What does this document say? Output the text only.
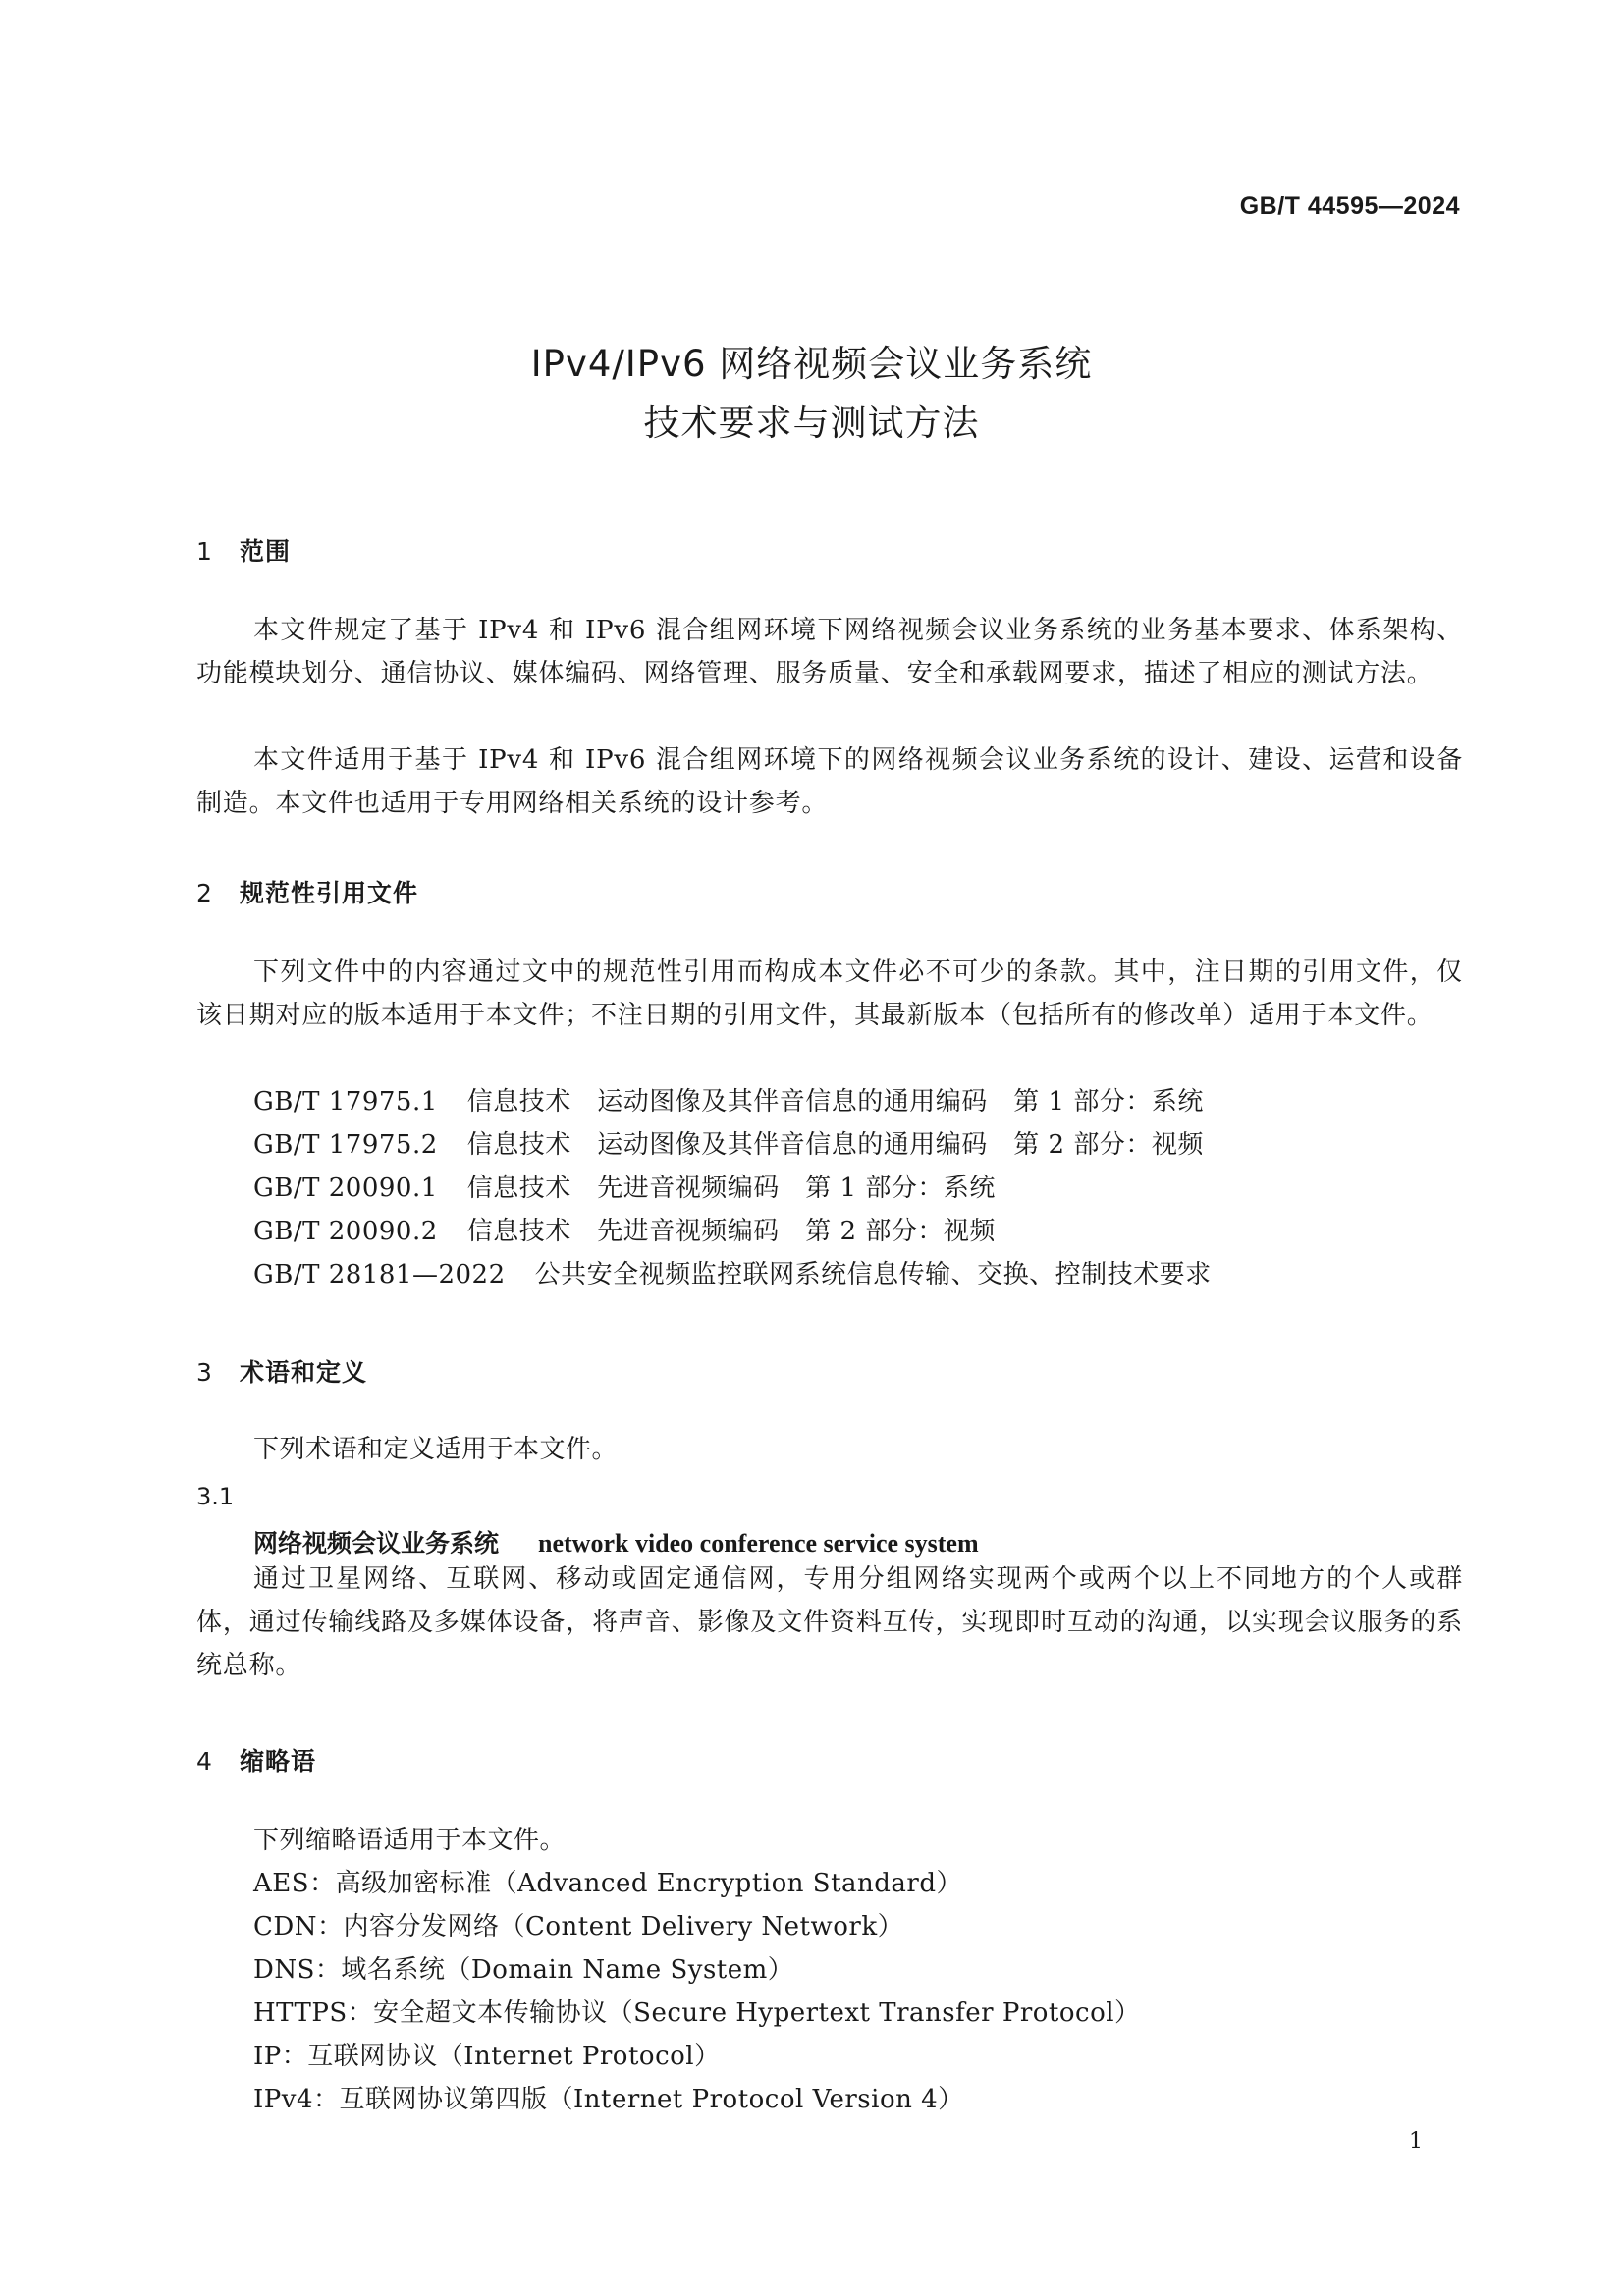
GB/T 44595—2024
IPv4/IPv6 网络视频会议业务系统
技术要求与测试方法
1 范围
本文件规定了基于 IPv4 和 IPv6 混合组网环境下网络视频会议业务系统的业务基本要求、体系架构、功能模块划分、通信协议、媒体编码、网络管理、服务质量、安全和承载网要求，描述了相应的测试方法。
本文件适用于基于 IPv4 和 IPv6 混合组网环境下的网络视频会议业务系统的设计、建设、运营和设备制造。本文件也适用于专用网络相关系统的设计参考。
2 规范性引用文件
下列文件中的内容通过文中的规范性引用而构成本文件必不可少的条款。其中，注日期的引用文件，仅该日期对应的版本适用于本文件；不注日期的引用文件，其最新版本（包括所有的修改单）适用于本文件。
GB/T 17975.1 信息技术　运动图像及其伴音信息的通用编码　第 1 部分：系统
GB/T 17975.2 信息技术　运动图像及其伴音信息的通用编码　第 2 部分：视频
GB/T 20090.1 信息技术　先进音视频编码　第 1 部分：系统
GB/T 20090.2 信息技术　先进音视频编码　第 2 部分：视频
GB/T 28181—2022 公共安全视频监控联网系统信息传输、交换、控制技术要求
3 术语和定义
下列术语和定义适用于本文件。
3.1
网络视频会议业务系统 network video conference service system
通过卫星网络、互联网、移动或固定通信网，专用分组网络实现两个或两个以上不同地方的个人或群体，通过传输线路及多媒体设备，将声音、影像及文件资料互传，实现即时互动的沟通，以实现会议服务的系统总称。
4 缩略语
下列缩略语适用于本文件。
AES：高级加密标准（Advanced Encryption Standard）
CDN：内容分发网络（Content Delivery Network）
DNS：域名系统（Domain Name System）
HTTPS：安全超文本传输协议（Secure Hypertext Transfer Protocol）
IP：互联网协议（Internet Protocol）
IPv4：互联网协议第四版（Internet Protocol Version 4）
1
